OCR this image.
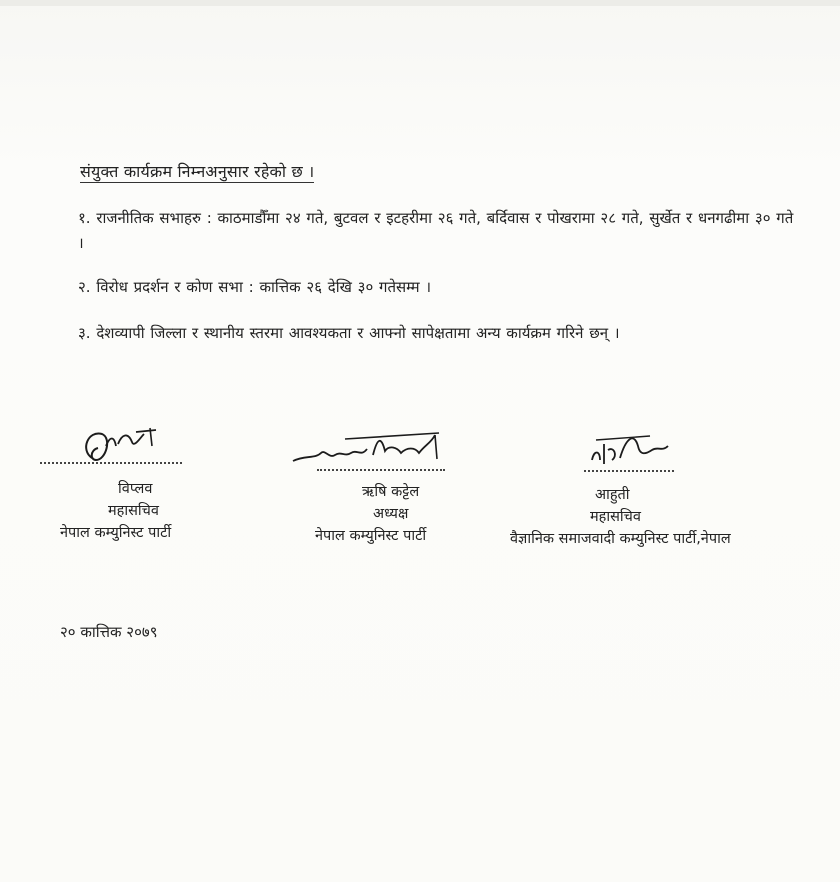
संयुक्त कार्यक्रम निम्नअनुसार रहेको छ ।
१. राजनीतिक सभाहरु : काठमाडौँमा २४ गते, बुटवल र इटहरीमा २६ गते, बर्दिवास र पोखरामा २८ गते, सुर्खेत र धनगढीमा ३० गते ।
२. विरोध प्रदर्शन र कोण सभा : कात्तिक २६ देखि ३० गतेसम्म ।
३. देशव्यापी जिल्ला र स्थानीय स्तरमा आवश्यकता र आफ्नो सापेक्षतामा अन्य कार्यक्रम गरिने छन् ।
विप्लव
महासचिव
नेपाल कम्युनिस्ट पार्टी
ऋषि कट्टेल
अध्यक्ष
नेपाल कम्युनिस्ट पार्टी
आहुती
महासचिव
वैज्ञानिक समाजवादी कम्युनिस्ट पार्टी,नेपाल
२० कात्तिक २०७९
